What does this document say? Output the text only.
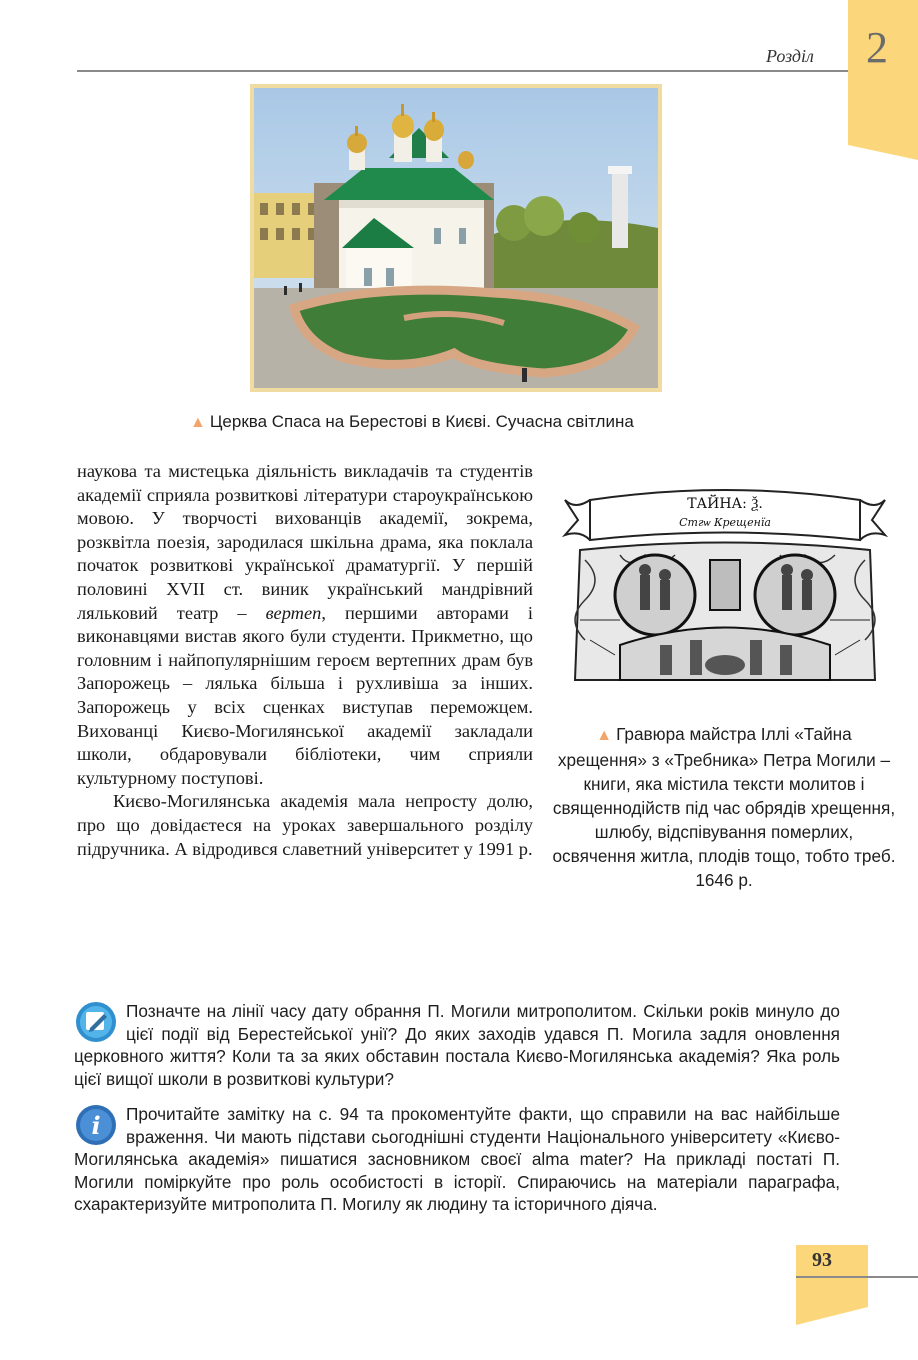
Розділ 2
▲ Церква Спаса на Берестові в Києві. Сучасна світлина

наукова та мистецька діяльність викладачів та студентів академії сприяла розвиткові літератури староукраїнською мовою. У творчості вихованців академії, зокрема, розквітла поезія, зародилася шкільна драма, яка поклала початок розвиткові української драматургії. У першій половині XVII ст. виник український мандрівний ляльковий театр – вертеп, першими авторами і виконавцями вистав якого були студенти. Прикметно, що головним і найпопулярнішим героєм вертепних драм був Запорожець – лялька більша і рухливіша за інших. Запорожець у всіх сценках виступав переможцем. Вихованці Києво-Могилянської академії закладали школи, обдаровували бібліотеки, чим сприяли культурному поступові.

Києво-Могилянська академія мала непросту долю, про що довідаєтеся на уроках завершального розділу підручника. А відродився славетний університет у 1991 р.

ТАЙНА: Ѯ.
Стгѡ Крещенїа
▲ Гравюра майстра Іллі «Тайна хрещення» з «Требника» Петра Могили – книги, яка містила тексти молитов і священнодійств під час обрядів хрещення, шлюбу, відспівування померлих, освячення житла, плодів тощо, тобто треб. 1646 р.
Позначте на лінії часу дату обрання П. Могили митрополитом. Скільки років минуло до цієї події від Берестейської унії? До яких заходів удався П. Могила задля оновлення церковного життя? Коли та за яких обставин постала Києво-Могилянська академія? Яка роль цієї вищої школи в розвиткові культури?
i Прочитайте замітку на с. 94 та прокоментуйте факти, що справили на вас найбільше враження. Чи мають підстави сьогоднішні студенти Національного університету «Києво-Могилянська академія» пишатися засновником своєї alma mater? На прикладі постаті П. Могили поміркуйте про роль особистості в історії. Спираючись на матеріали параграфа, схарактеризуйте митрополита П. Могилу як людину та історичного діяча.
93
